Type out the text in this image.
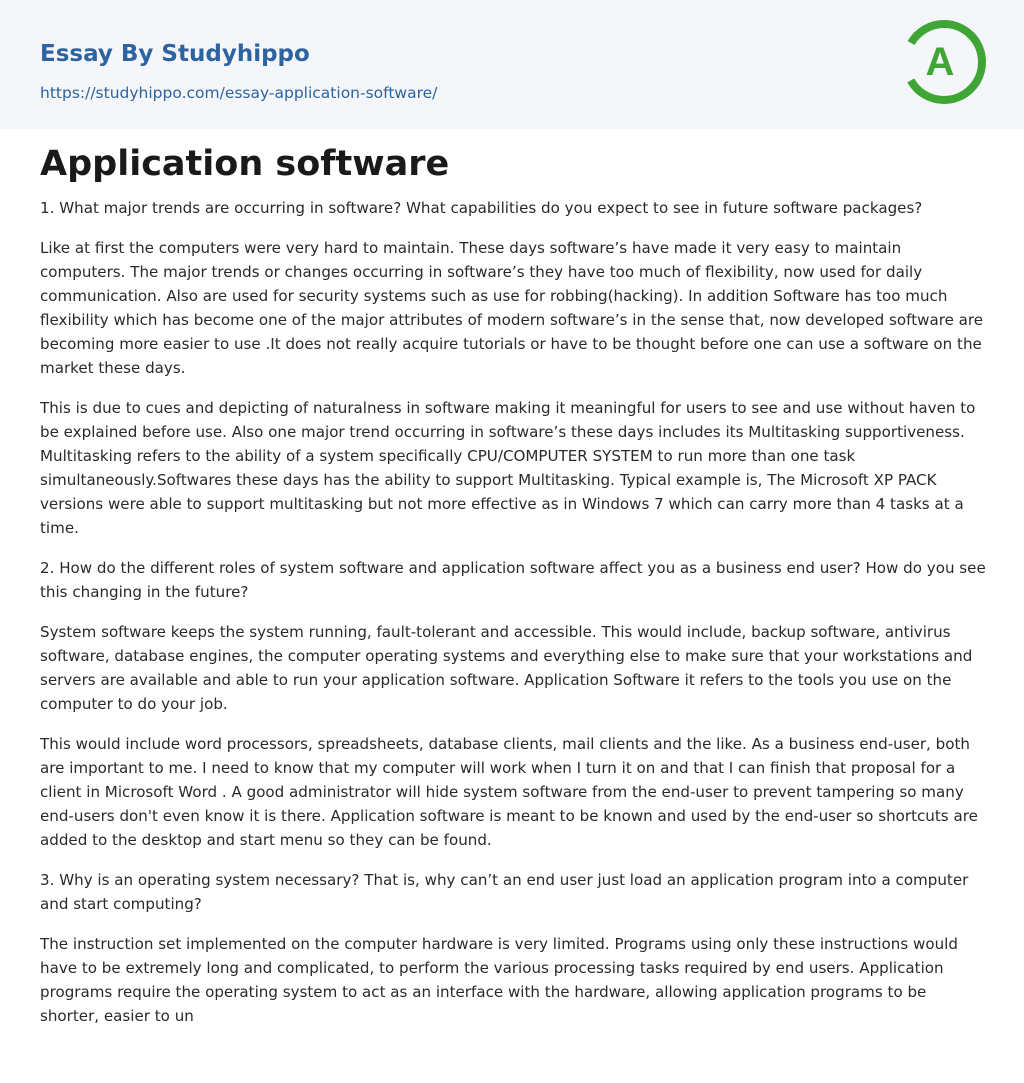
Essay By Studyhippo
https://studyhippo.com/essay-application-software/
A
Application software

1. What major trends are occurring in software? What capabilities do you expect to see in future software packages?

Like at first the computers were very hard to maintain. These days software’s have made it very easy to maintain computers. The major trends or changes occurring in software’s they have too much of flexibility, now used for daily communication. Also are used for security systems such as use for robbing(hacking). In addition Software has too much flexibility which has become one of the major attributes of modern software’s in the sense that, now developed software are becoming more easier to use .It does not really acquire tutorials or have to be thought before one can use a software on the market these days.

This is due to cues and depicting of naturalness in software making it meaningful for users to see and use without haven to be explained before use. Also one major trend occurring in software’s these days includes its Multitasking supportiveness. Multitasking refers to the ability of a system specifically CPU/COMPUTER SYSTEM to run more than one task simultaneously.Softwares these days has the ability to support Multitasking. Typical example is, The Microsoft XP PACK versions were able to support multitasking but not more effective as in Windows 7 which can carry more than 4 tasks at a time.

2. How do the different roles of system software and application software affect you as a business end user? How do you see this changing in the future?

System software keeps the system running, fault-tolerant and accessible. This would include, backup software, antivirus software, database engines, the computer operating systems and everything else to make sure that your workstations and servers are available and able to run your application software. Application Software it refers to the tools you use on the computer to do your job.

This would include word processors, spreadsheets, database clients, mail clients and the like. As a business end-user, both are important to me. I need to know that my computer will work when I turn it on and that I can finish that proposal for a client in Microsoft Word . A good administrator will hide system software from the end-user to prevent tampering so many end-users don't even know it is there. Application software is meant to be known and used by the end-user so shortcuts are added to the desktop and start menu so they can be found.

3. Why is an operating system necessary? That is, why can’t an end user just load an application program into a computer and start computing?

The instruction set implemented on the computer hardware is very limited. Programs using only these instructions would have to be extremely long and complicated, to perform the various processing tasks required by end users. Application programs require the operating system to act as an interface with the hardware, allowing application programs to be shorter, easier to un
